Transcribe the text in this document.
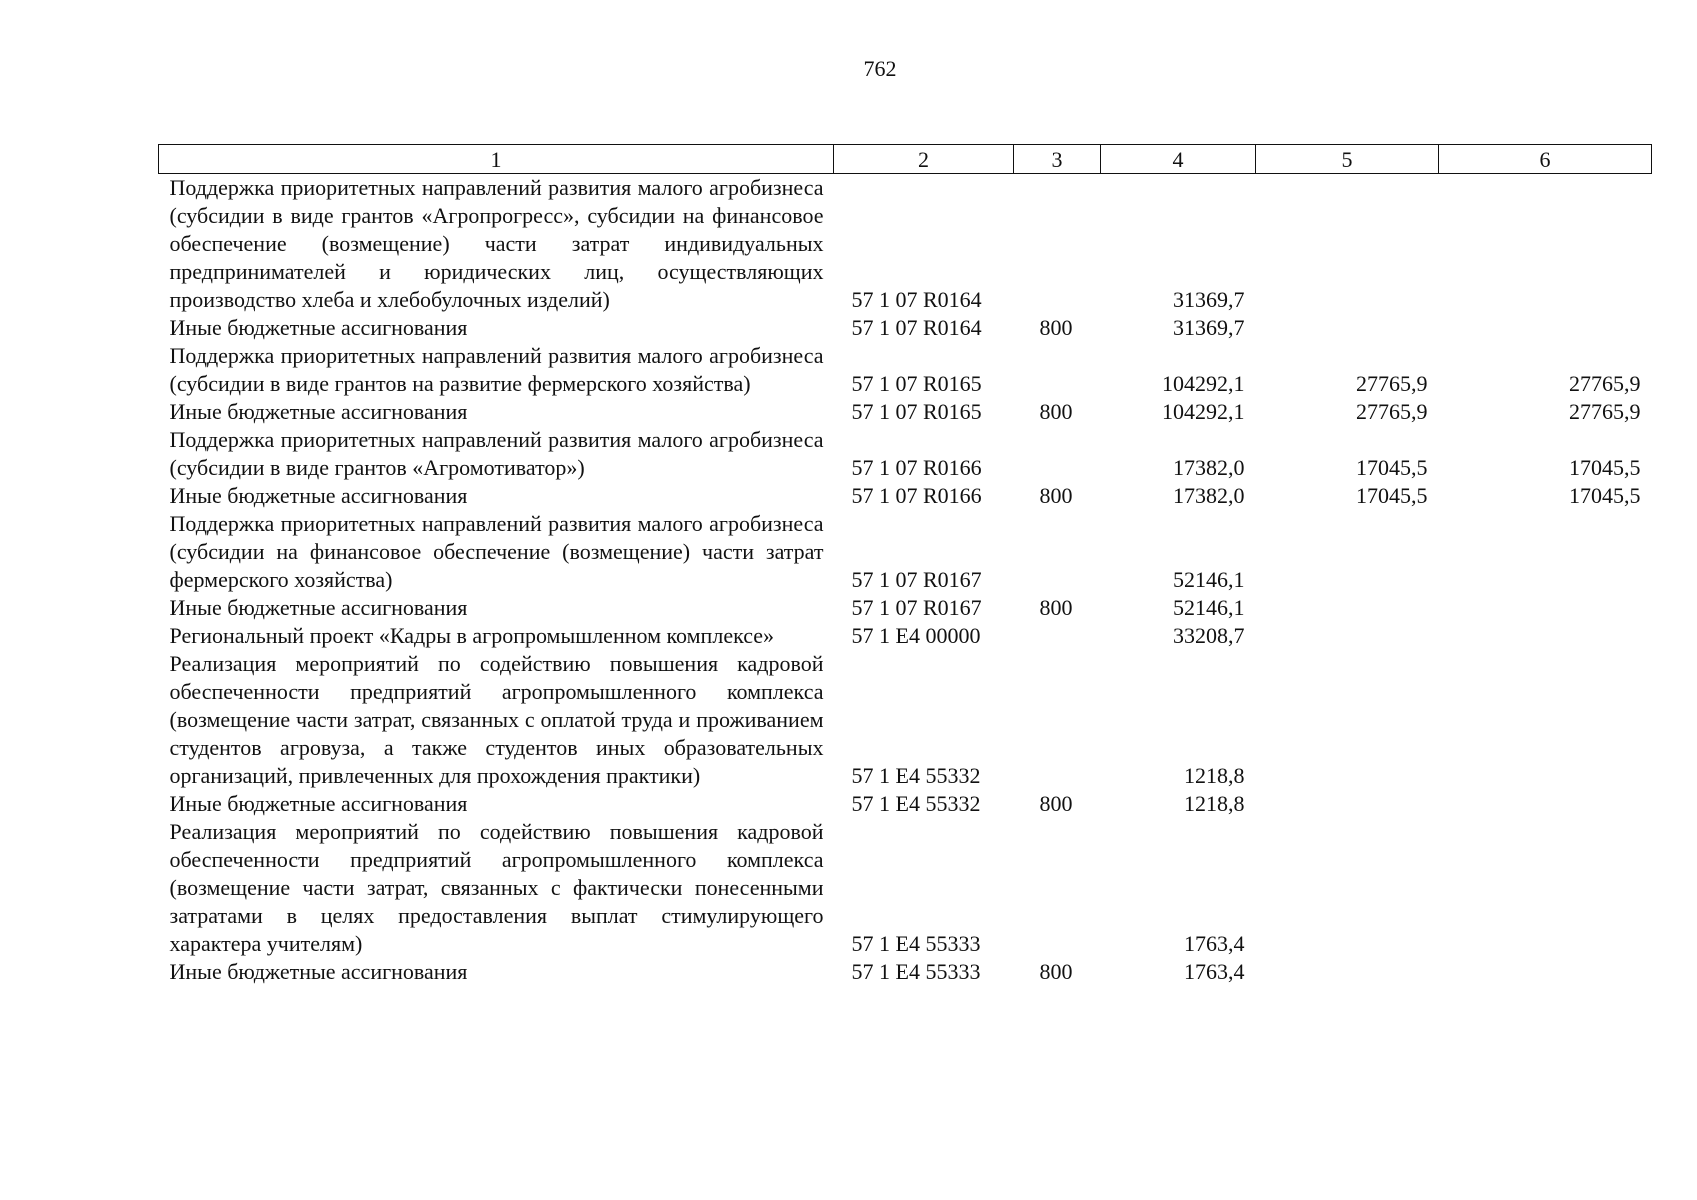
762
1	2	3	4	5	6
Поддержка приоритетных направлений развития малого агробизнеса (субсидии в виде грантов «Агропрогресс», субсидии на финансовое обеспечение (возмещение) части затрат индивидуальных предпринимателей и юридических лиц, осуществляющих производство хлеба и хлебобулочных изделий)	57 1 07 R0164		31369,7		
Иные бюджетные ассигнования	57 1 07 R0164	800	31369,7		
Поддержка приоритетных направлений развития малого агробизнеса (субсидии в виде грантов на развитие фермерского хозяйства)	57 1 07 R0165		104292,1	27765,9	27765,9
Иные бюджетные ассигнования	57 1 07 R0165	800	104292,1	27765,9	27765,9
Поддержка приоритетных направлений развития малого агробизнеса (субсидии в виде грантов «Агромотиватор»)	57 1 07 R0166		17382,0	17045,5	17045,5
Иные бюджетные ассигнования	57 1 07 R0166	800	17382,0	17045,5	17045,5
Поддержка приоритетных направлений развития малого агробизнеса (субсидии на финансовое обеспечение (возмещение) части затрат фермерского хозяйства)	57 1 07 R0167		52146,1		
Иные бюджетные ассигнования	57 1 07 R0167	800	52146,1		
Региональный проект «Кадры в агропромышленном комплексе»	57 1 E4 00000		33208,7		
Реализация мероприятий по содействию повышения кадровой обеспеченности предприятий агропромышленного комплекса (возмещение части затрат, связанных с оплатой труда и проживанием студентов агровуза, а также студентов иных образовательных организаций, привлеченных для прохождения практики)	57 1 E4 55332		1218,8		
Иные бюджетные ассигнования	57 1 E4 55332	800	1218,8		
Реализация мероприятий по содействию повышения кадровой обеспеченности предприятий агропромышленного комплекса (возмещение части затрат, связанных с фактически понесенными затратами в целях предоставления выплат стимулирующего характера учителям)	57 1 E4 55333		1763,4		
Иные бюджетные ассигнования	57 1 E4 55333	800	1763,4		
